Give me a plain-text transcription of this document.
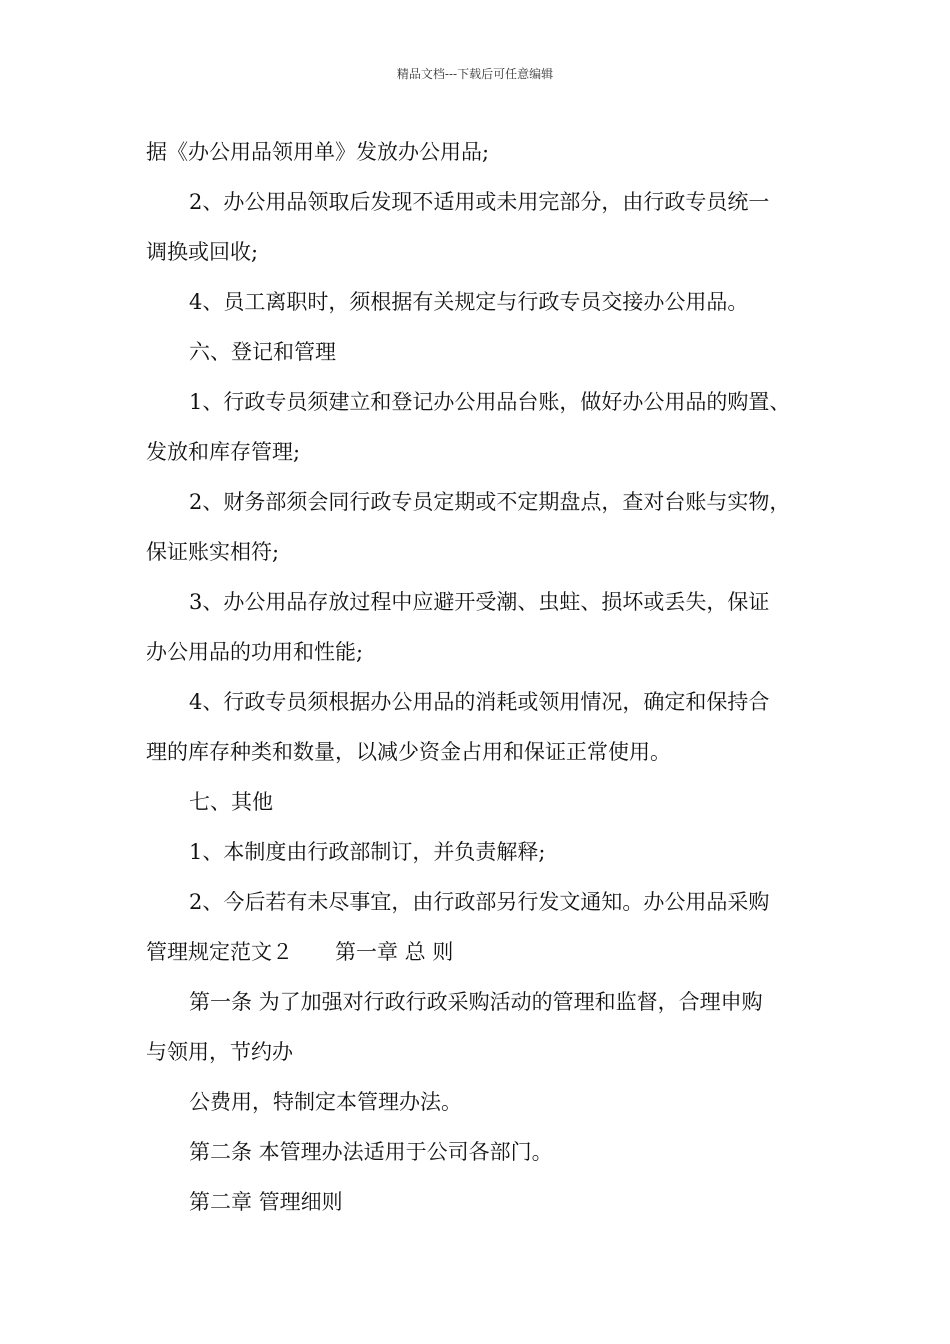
精品文档---下载后可任意编辑
据《办公用品领用单》发放办公用品;
2、办公用品领取后发现不适用或未用完部分，由行政专员统一
调换或回收;
4、员工离职时，须根据有关规定与行政专员交接办公用品。
六、登记和管理
1、行政专员须建立和登记办公用品台账，做好办公用品的购置、
发放和库存管理;
2、财务部须会同行政专员定期或不定期盘点，查对台账与实物，
保证账实相符;
3、办公用品存放过程中应避开受潮、虫蛀、损坏或丢失，保证
办公用品的功用和性能;
4、行政专员须根据办公用品的消耗或领用情况，确定和保持合
理的库存种类和数量，以减少资金占用和保证正常使用。
七、其他
1、本制度由行政部制订，并负责解释;
2、今后若有未尽事宜，由行政部另行发文通知。办公用品采购
管理规定范文２　　第一章 总 则
第一条 为了加强对行政行政采购活动的管理和监督，合理申购
与领用，节约办
公费用，特制定本管理办法。
第二条 本管理办法适用于公司各部门。
第二章 管理细则
